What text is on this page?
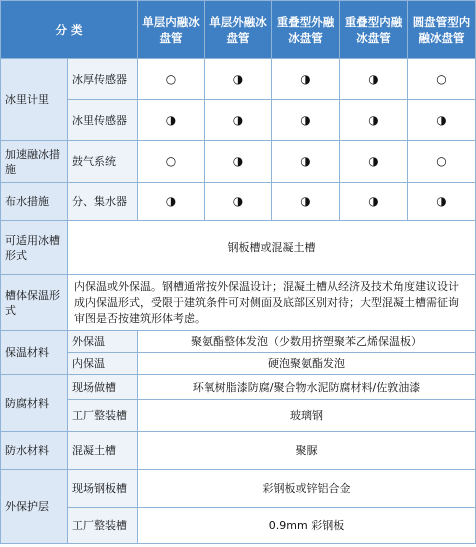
分 类		单层内融冰盘管	单层外融冰盘管	重叠型外融冰盘管	重叠型内融冰盘管	圆盘管型内融冰盘管
冰里计里	冰厚传感器	○	◑	◑	◑	○
	冰里传感器	◑	◑	◑	◑	◑
加速融冰措施	鼓气系统	○	◑	◑	◑	○
布水措施	分、集水器	◑	◑	◑	◑	◑
可适用冰槽形式	钢板槽或混凝土槽					
槽体保温形式	内保温或外保温。钢槽通常按外保温设计；混凝土槽从经济及技术角度建议设计成内保温形式，受限于建筑条件可对侧面及底部区别对待；大型混凝土槽需征询审图是否按建筑形体考虑。					
保温材料	外保温	聚氨酯整体发泡（少数用挤塑聚苯乙烯保温板）				
	内保温	硬泡聚氨酯发泡				
防腐材料	现场做槽	环氧树脂漆防腐/聚合物水泥防腐材料/佐敦油漆				
	工厂整装槽	玻璃钢				
防水材料	混凝土槽	聚脲				
外保护层	现场钢板槽	彩钢板或锌铝合金				
	工厂整装槽	0.9mm 彩钢板				
